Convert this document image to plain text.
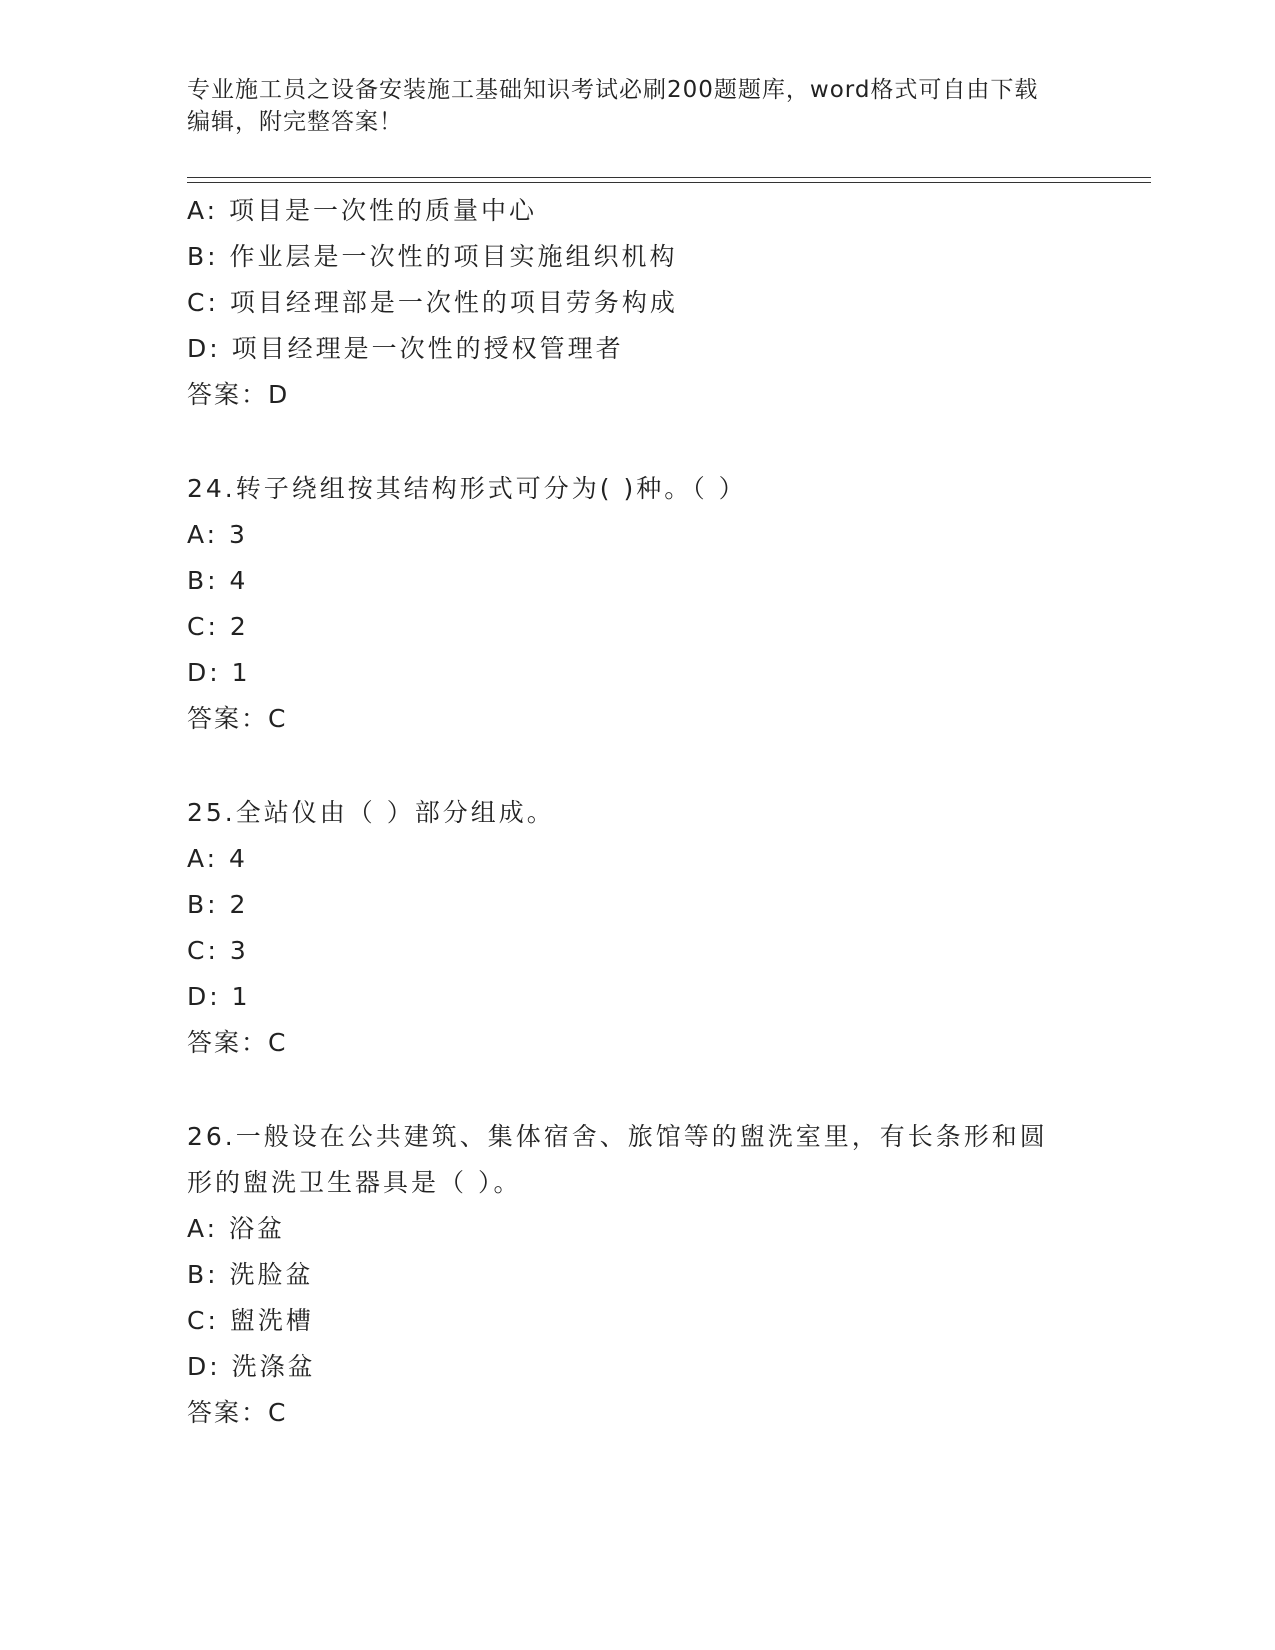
专业施工员之设备安装施工基础知识考试必刷200题题库，word格式可自由下载
编辑，附完整答案！
A: 项目是一次性的质量中心
B: 作业层是一次性的项目实施组织机构
C: 项目经理部是一次性的项目劳务构成
D: 项目经理是一次性的授权管理者
答案：D
24.转子绕组按其结构形式可分为( )种。（ ）
A: 3
B: 4
C: 2
D: 1
答案：C
25.全站仪由（ ）部分组成。
A: 4
B: 2
C: 3
D: 1
答案：C
26.一般设在公共建筑、集体宿舍、旅馆等的盥洗室里，有长条形和圆
形的盥洗卫生器具是（ ）。
A: 浴盆
B: 洗脸盆
C: 盥洗槽
D: 洗涤盆
答案：C
